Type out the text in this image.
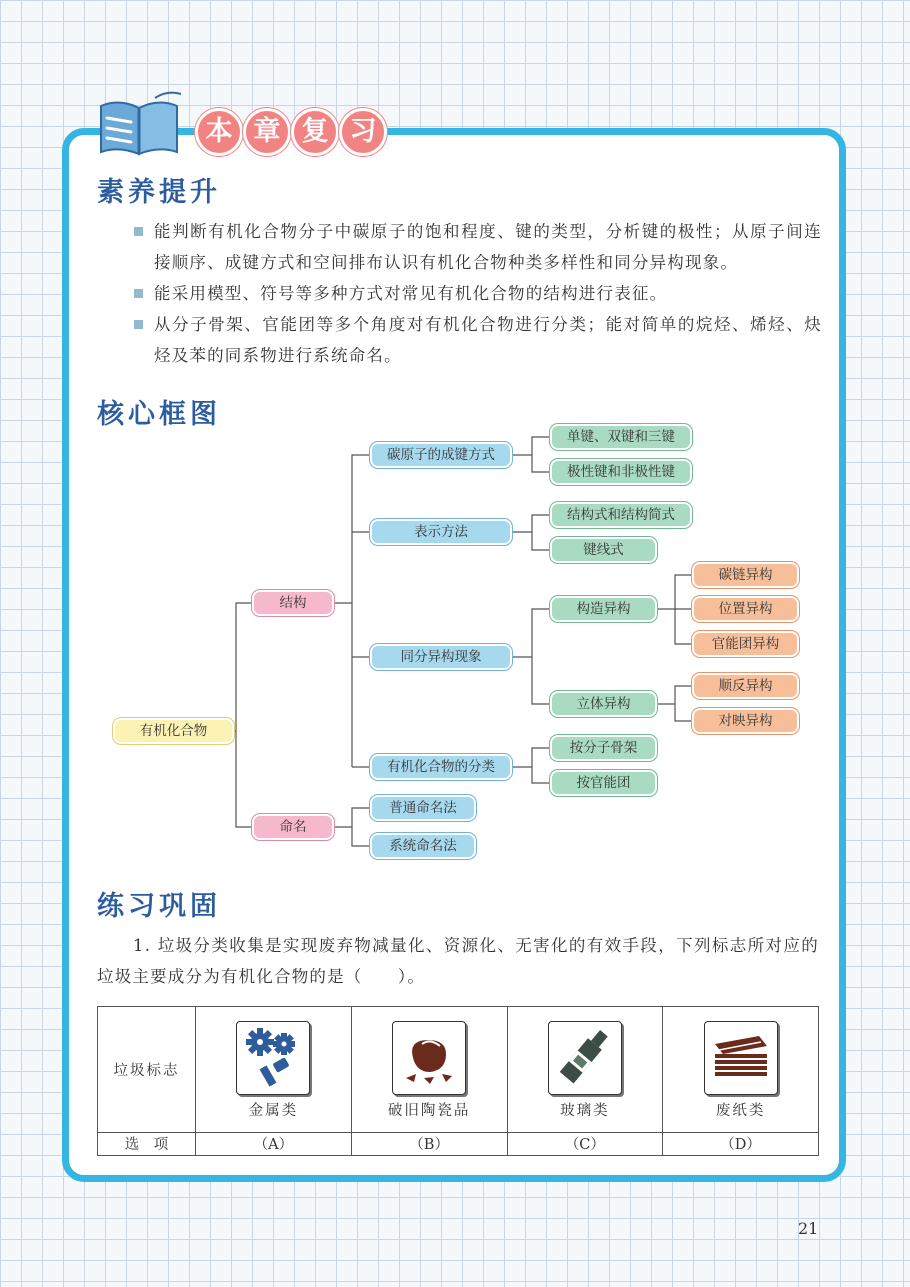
本 章 复 习
素养提升
能判断有机化合物分子中碳原子的饱和程度、键的类型，分析键的极性；从原子间连接顺序、成键方式和空间排布认识有机化合物种类多样性和同分异构现象。
能采用模型、符号等多种方式对常见有机化合物的结构进行表征。
从分子骨架、官能团等多个角度对有机化合物进行分类；能对简单的烷烃、烯烃、炔烃及苯的同系物进行系统命名。
核心框图
有机化合物
结构
命名
碳原子的成键方式
表示方法
同分异构现象
有机化合物的分类
普通命名法
系统命名法
单键、双键和三键
极性键和非极性键
结构式和结构简式
键线式
构造异构
立体异构
按分子骨架
按官能团
碳链异构
位置异构
官能团异构
顺反异构
对映异构
练习巩固

1. 垃圾分类收集是实现废弃物减量化、资源化、无害化的有效手段，下列标志所对应的垃圾主要成分为有机化合物的是（　　）。

垃圾标志	金属类	破旧陶瓷品	玻璃类	废纸类

选　项	（A）	（B）	（C）	（D）
21
